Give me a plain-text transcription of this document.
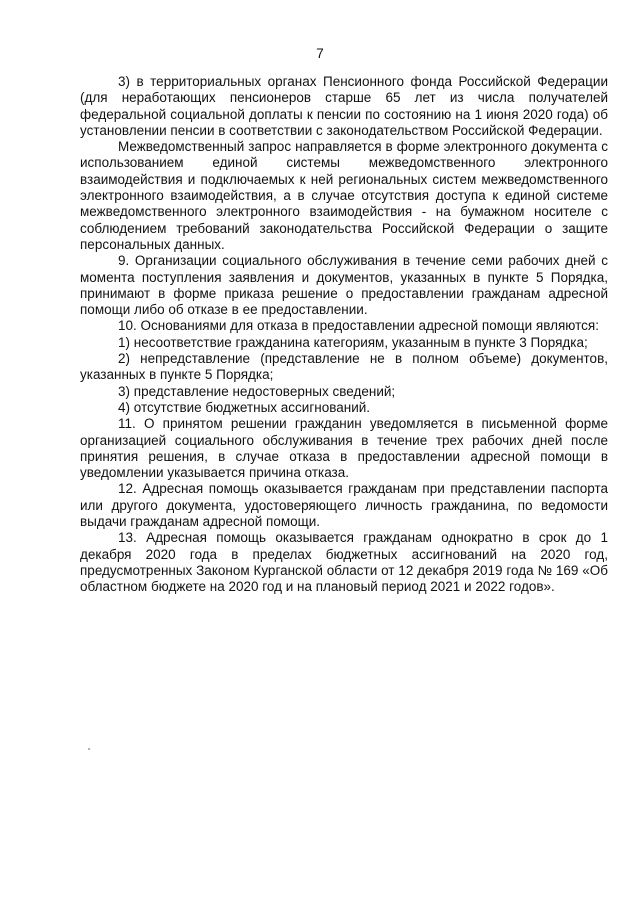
7

3) в территориальных органах Пенсионного фонда Российской Федерации (для неработающих пенсионеров старше 65 лет из числа получателей федеральной социальной доплаты к пенсии по состоянию на 1 июня 2020 года) об установлении пенсии в соответствии с законодательством Российской Федерации.

Межведомственный запрос направляется в форме электронного документа с использованием единой системы межведомственного электронного взаимодействия и подключаемых к ней региональных систем межведомственного электронного взаимодействия, а в случае отсутствия доступа к единой системе межведомственного электронного взаимодействия - на бумажном носителе с соблюдением требований законодательства Российской Федерации о защите персональных данных.

9. Организации социального обслуживания в течение семи рабочих дней с момента поступления заявления и документов, указанных в пункте 5 Порядка, принимают в форме приказа решение о предоставлении гражданам адресной помощи либо об отказе в ее предоставлении.

10. Основаниями для отказа в предоставлении адресной помощи являются:

1) несоответствие гражданина категориям, указанным в пункте 3 Порядка;

2) непредставление (представление не в полном объеме) документов, указанных в пункте 5 Порядка;

3) представление недостоверных сведений;

4) отсутствие бюджетных ассигнований.

11. О принятом решении гражданин уведомляется в письменной форме организацией социального обслуживания в течение трех рабочих дней после принятия решения, в случае отказа в предоставлении адресной помощи в уведомлении указывается причина отказа.

12. Адресная помощь оказывается гражданам при представлении паспорта или другого документа, удостоверяющего личность гражданина, по ведомости выдачи гражданам адресной помощи.

13. Адресная помощь оказывается гражданам однократно в срок до 1 декабря 2020 года в пределах бюджетных ассигнований на 2020 год, предусмотренных Законом Курганской области от 12 декабря 2019 года № 169 «Об областном бюджете на 2020 год и на плановый период 2021 и 2022 годов».
